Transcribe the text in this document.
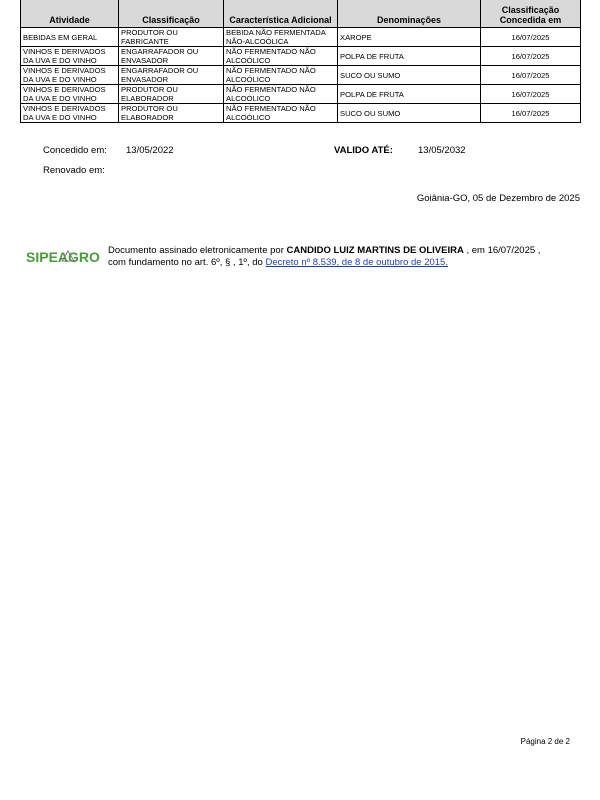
Atividade	Classificação	Característica Adicional	Denominações	Classificação Concedida em
BEBIDAS EM GERAL	PRODUTOR OU FABRICANTE	BEBIDA NÃO FERMENTADA NÃO-ALCOÓLICA	XAROPE	16/07/2025
VINHOS E DERIVADOS DA UVA E DO VINHO	ENGARRAFADOR OU ENVASADOR	NÃO FERMENTADO NÃO ALCOÓLICO	POLPA DE FRUTA	16/07/2025
VINHOS E DERIVADOS DA UVA E DO VINHO	ENGARRAFADOR OU ENVASADOR	NÃO FERMENTADO NÃO ALCOÓLICO	SUCO OU SUMO	16/07/2025
VINHOS E DERIVADOS DA UVA E DO VINHO	PRODUTOR OU ELABORADOR	NÃO FERMENTADO NÃO ALCOÓLICO	POLPA DE FRUTA	16/07/2025
VINHOS E DERIVADOS DA UVA E DO VINHO	PRODUTOR OU ELABORADOR	NÃO FERMENTADO NÃO ALCOÓLICO	SUCO OU SUMO	16/07/2025
Concedido em: 13/05/2022	VALIDO ATÉ:	13/05/2032
Renovado em:
Goiânia-GO, 05 de Dezembro de 2025
SIPEAGRO Documento assinado eletronicamente por CANDIDO LUIZ MARTINS DE OLIVEIRA , em 16/07/2025 ,
com fundamento no art. 6º, § , 1º, do Decreto nº 8.539, de 8 de outubro de 2015.
Página 2 de 2
